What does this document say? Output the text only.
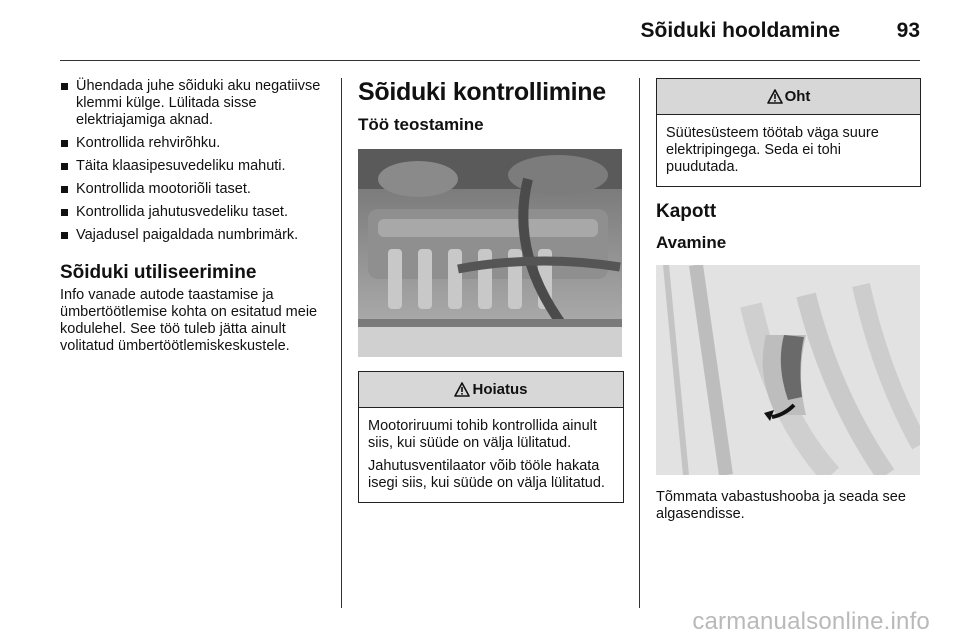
Sõiduki hooldamine	93
Ühendada juhe sõiduki aku negatiivse klemmi külge. Lülitada sisse elektriajamiga aknad.
Kontrollida rehvirõhku.
Täita klaasipesuvedeliku mahuti.
Kontrollida mootoriõli taset.
Kontrollida jahutusvedeliku taset.
Vajadusel paigaldada numbrimärk.
Sõiduki utiliseerimine
Info vanade autode taastamise ja ümbertöötlemise kohta on esitatud meie kodulehel. See töö tuleb jätta ainult volitatud ümbertöötlemiskeskustele.
Sõiduki kontrollimine
Töö teostamine
Hoiatus
Mootoriruumi tohib kontrollida ainult siis, kui süüde on välja lülitatud.
Jahutusventilaator võib tööle hakata isegi siis, kui süüde on välja lülitatud.
Oht
Süütesüsteem töötab väga suure elektripingega. Seda ei tohi puudutada.
Kapott
Avamine
Tõmmata vabastushooba ja seada see algasendisse.
carmanualsonline.info
